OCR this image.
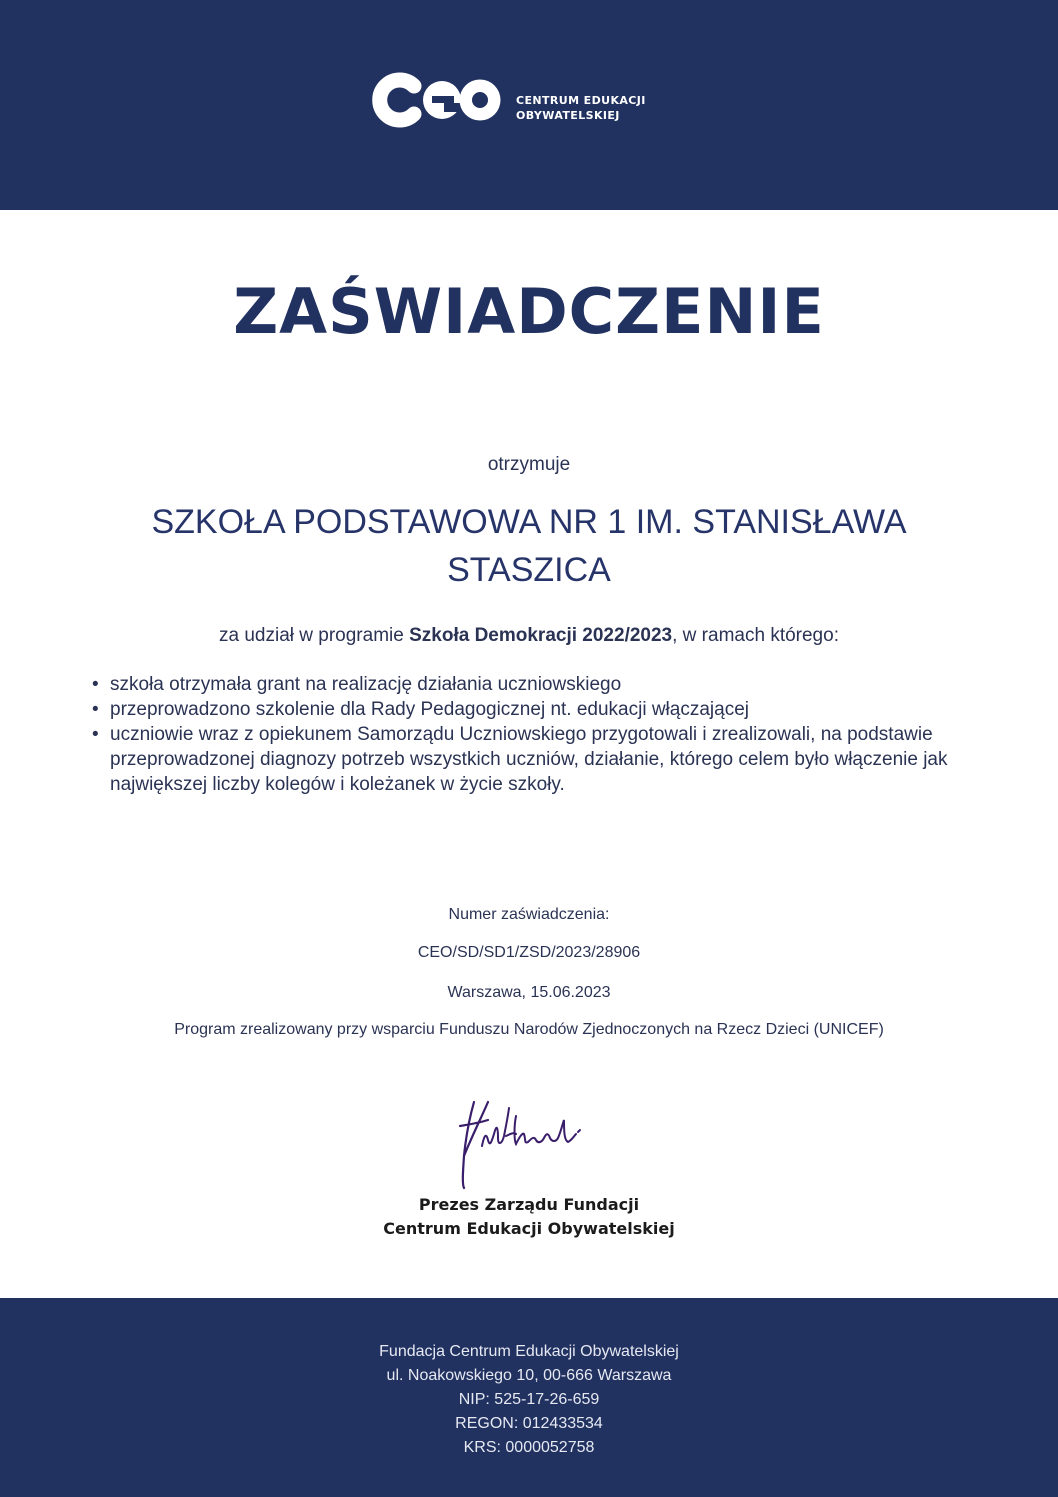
CENTRUM EDUKACJI
OBYWATELSKIEJ
ZAŚWIADCZENIE
otrzymuje
SZKOŁA PODSTAWOWA NR 1 IM. STANISŁAWA STASZICA
za udział w programie Szkoła Demokracji 2022/2023, w ramach którego:
• szkoła otrzymała grant na realizację działania uczniowskiego
• przeprowadzono szkolenie dla Rady Pedagogicznej nt. edukacji włączającej
• uczniowie wraz z opiekunem Samorządu Uczniowskiego przygotowali i zrealizowali, na podstawie przeprowadzonej diagnozy potrzeb wszystkich uczniów, działanie, którego celem było włączenie jak największej liczby kolegów i koleżanek w życie szkoły.
Numer zaświadczenia:
CEO/SD/SD1/ZSD/2023/28906
Warszawa, 15.06.2023
Program zrealizowany przy wsparciu Funduszu Narodów Zjednoczonych na Rzecz Dzieci (UNICEF)
Prezes Zarządu Fundacji
Centrum Edukacji Obywatelskiej
Fundacja Centrum Edukacji Obywatelskiej
ul. Noakowskiego 10, 00-666 Warszawa
NIP: 525-17-26-659
REGON: 012433534
KRS: 0000052758
